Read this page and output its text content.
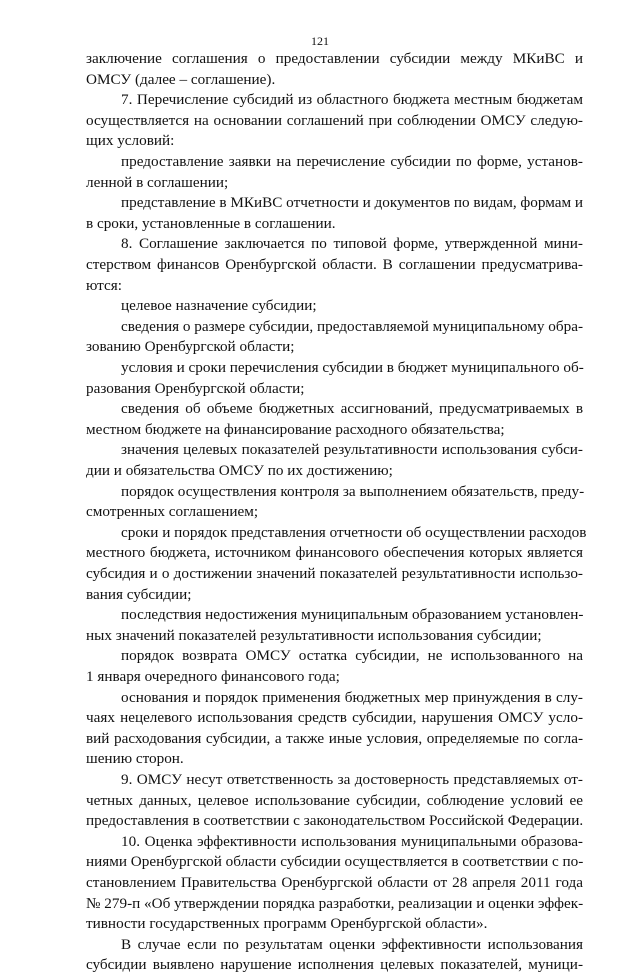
121
заключение соглашения о предоставлении субсидии между МКиВС и
ОМСУ (далее – соглашение).
7. Перечисление субсидий из областного бюджета местным бюджетам
осуществляется на основании соглашений при соблюдении ОМСУ следую-
щих условий:
предоставление заявки на перечисление субсидии по форме, установ-
ленной в соглашении;
представление в МКиВС отчетности и документов по видам, формам и
в сроки, установленные в соглашении.
8. Соглашение заключается по типовой форме, утвержденной мини-
стерством финансов Оренбургской области. В соглашении предусматрива-
ются:
целевое назначение субсидии;
сведения о размере субсидии, предоставляемой муниципальному обра-
зованию Оренбургской области;
условия и сроки перечисления субсидии в бюджет муниципального об-
разования Оренбургской области;
сведения об объеме бюджетных ассигнований, предусматриваемых в
местном бюджете на финансирование расходного обязательства;
значения целевых показателей результативности использования субси-
дии и обязательства ОМСУ по их достижению;
порядок осуществления контроля за выполнением обязательств, преду-
смотренных соглашением;
сроки и порядок представления отчетности об осуществлении расходов
местного бюджета, источником финансового обеспечения которых является
субсидия и о достижении значений показателей результативности использо-
вания субсидии;
последствия недостижения муниципальным образованием установлен-
ных значений показателей результативности использования субсидии;
порядок возврата ОМСУ остатка субсидии, не использованного на
1 января очередного финансового года;
основания и порядок применения бюджетных мер принуждения в слу-
чаях нецелевого использования средств субсидии, нарушения ОМСУ усло-
вий расходования субсидии, а также иные условия, определяемые по согла-
шению сторон.
9. ОМСУ несут ответственность за достоверность представляемых от-
четных данных, целевое использование субсидии, соблюдение условий ее
предоставления в соответствии с законодательством Российской Федерации.
10. Оценка эффективности использования муниципальными образова-
ниями Оренбургской области субсидии осуществляется в соответствии с по-
становлением Правительства Оренбургской области от 28 апреля 2011 года
№ 279-п «Об утверждении порядка разработки, реализации и оценки эффек-
тивности государственных программ Оренбургской области».
В случае если по результатам оценки эффективности использования
субсидии выявлено нарушение исполнения целевых показателей, муници-
